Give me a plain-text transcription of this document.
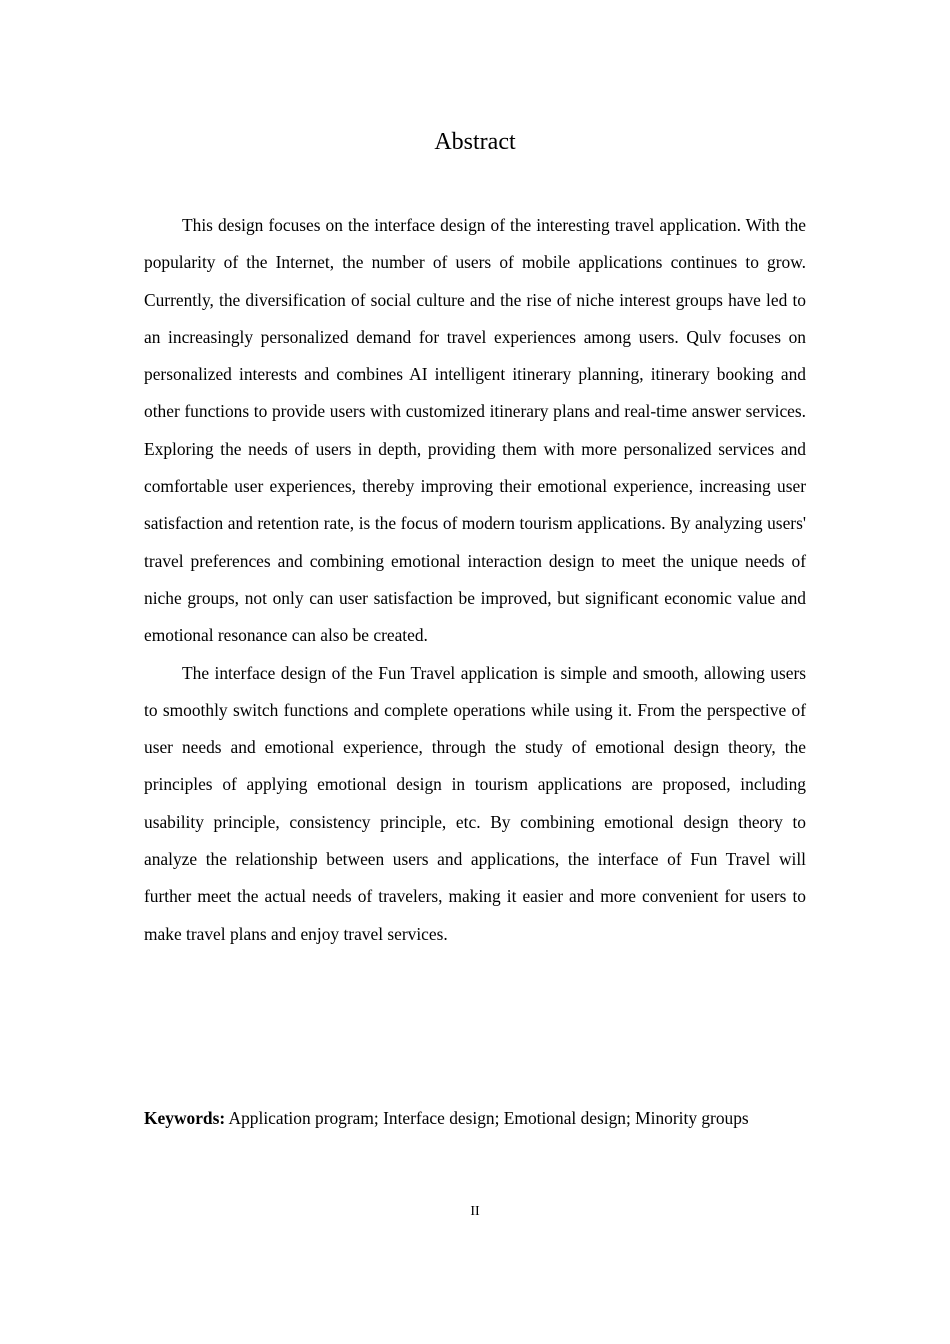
Abstract

This design focuses on the interface design of the interesting travel application. With the popularity of the Internet, the number of users of mobile applications continues to grow. Currently, the diversification of social culture and the rise of niche interest groups have led to an increasingly personalized demand for travel experiences among users. Qulv focuses on personalized interests and combines AI intelligent itinerary planning, itinerary booking and other functions to provide users with customized itinerary plans and real-time answer services. Exploring the needs of users in depth, providing them with more personalized services and comfortable user experiences, thereby improving their emotional experience, increasing user satisfaction and retention rate, is the focus of modern tourism applications. By analyzing users' travel preferences and combining emotional interaction design to meet the unique needs of niche groups, not only can user satisfaction be improved, but significant economic value and emotional resonance can also be created.

The interface design of the Fun Travel application is simple and smooth, allowing users to smoothly switch functions and complete operations while using it. From the perspective of user needs and emotional experience, through the study of emotional design theory, the principles of applying emotional design in tourism applications are proposed, including usability principle, consistency principle, etc. By combining emotional design theory to analyze the relationship between users and applications, the interface of Fun Travel will further meet the actual needs of travelers, making it easier and more convenient for users to make travel plans and enjoy travel services.

Keywords: Application program; Interface design; Emotional design; Minority groups
II
